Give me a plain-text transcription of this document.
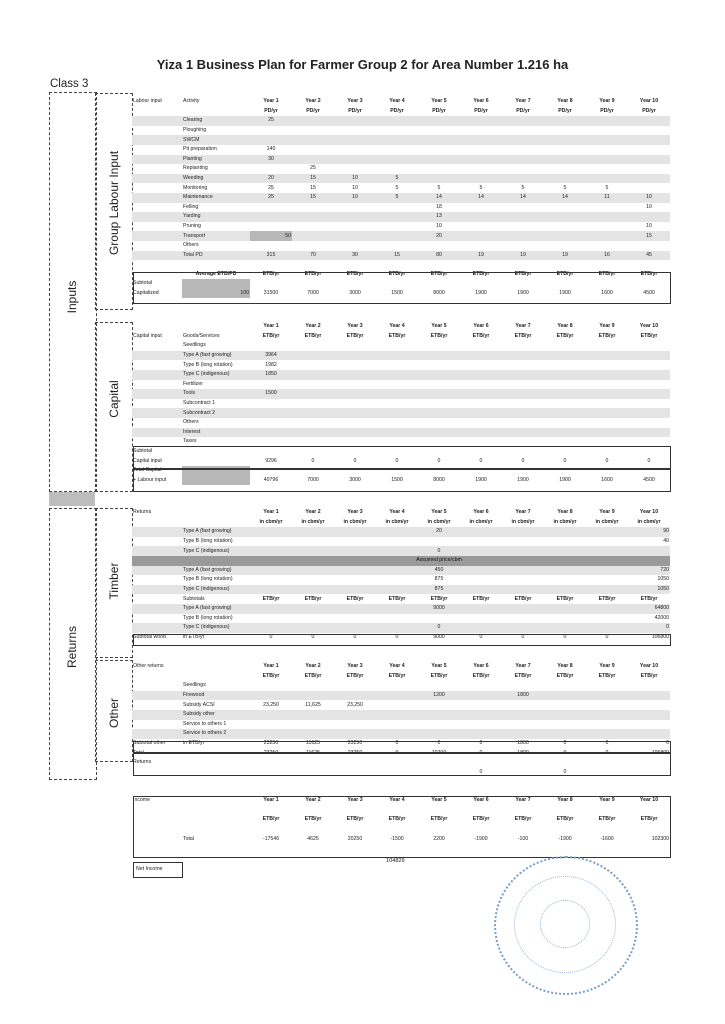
Yiza 1 Business Plan for Farmer Group 2 for Area Number 1.216 ha
Class 3
Inputs
Returns
Group Labour Input
Capital
Timber
Other
Labour input	Activity	Year 1	Year 2	Year 3	Year 4	Year 5	Year 6	Year 7	Year 8	Year 9	Year 10
		PD/yr	PD/yr	PD/yr	PD/yr	PD/yr	PD/yr	PD/yr	PD/yr	PD/yr	PD/yr
	Clearing	25									
	Ploughing										
	SWCM										
	Pit preparation	140									
	Planting	30									
	Replanting		25								
	Weeding	20	15	10	5						
	Monitoring	25	15	10	5	5	5	5	5	5	
	Maintenance	25	15	10	5	14	14	14	14	11	10
	Felling					18					10
	Yarding					13					
	Pruning					10					10
	Transport	50				20					15
	Others										
	Total PD	315	70	30	15	80	19	19	19	16	45

	Average ETB/PD	ETB/yr	ETB/yr	ETB/yr	ETB/yr	ETB/yr	ETB/yr	ETB/yr	ETB/yr	ETB/yr	ETB/yr
Subtotal											
Capitalized	100	31500	7000	3000	1500	8000	1900	1900	1900	1600	4500
		Year 1	Year 2	Year 3	Year 4	Year 5	Year 6	Year 7	Year 8	Year 9	Year 10
Capital input	Goods/Services	ETB/yr	ETB/yr	ETB/yr	ETB/yr	ETB/yr	ETB/yr	ETB/yr	ETB/yr	ETB/yr	ETB/yr
	Seedlings										
	Type A (fast growing)	3964									
	Type B (long rotation)	1982									
	Type C (indigenous)	1850									
	Fertilizer										
	Tools	1500									
	Subcontract 1										
	Subcontract 2										
	Others										
	Interest										
	Taxes										
Subtotal											
Capital input		9296	0	0	0	0	0	0	0	0	0
Total Capital											
+ Labour input		40796	7000	3000	1500	8000	1900	1900	1900	1600	4500
Returns		Year 1	Year 2	Year 3	Year 4	Year 5	Year 6	Year 7	Year 8	Year 9	Year 10
		in cbm/yr	in cbm/yr	in cbm/yr	in cbm/yr	in cbm/yr	in cbm/yr	in cbm/yr	in cbm/yr	in cbm/yr	in cbm/yr
	Type A (fast growing)					20					90
	Type B (long rotation)										40
	Type C (indigenous)					0					
					Assumed price/cbm						
	Type A (fast growing)					450					720
	Type B (long rotation)					875					1050
	Type C (indigenous)					875					1050
	Subtotals	ETB/yr	ETB/yr	ETB/yr	ETB/yr	ETB/yr	ETB/yr	ETB/yr	ETB/yr	ETB/yr	ETB/yr
	Type A (fast growing)					9000					64800
	Type B (long rotation)										42000
	Type C (indigenous)					0					0
Subtotal wood	in ETB/yr	0	0	0	0	9000	0	0	0	0	106800
Other returns		Year 1	Year 2	Year 3	Year 4	Year 5	Year 6	Year 7	Year 8	Year 9	Year 10
		ETB/yr	ETB/yr	ETB/yr	ETB/yr	ETB/yr	ETB/yr	ETB/yr	ETB/yr	ETB/yr	ETB/yr
	Seedlings										
	Firewood					1200		1800			
	Subsidy ACSI	23,250	11,625	23,250							
	Subsidy other										
	Service to others 1										
	Service to others 2										
Subtotal other	in ETB/yr	23250	11625	23250	0	0	0	1800	0	0	0
Total		23250	11625	23250	0	10200	0	1800	0	0	106800
Returns											
							0		0		
Income		Year 1	Year 2	Year 3	Year 4	Year 5	Year 6	Year 7	Year 8	Year 9	Year 10

		ETB/yr	ETB/yr	ETB/yr	ETB/yr	ETB/yr	ETB/yr	ETB/yr	ETB/yr	ETB/yr	ETB/yr

	Total	-17546	4625	20250	-1500	2200	-1900	-100	-1900	-1600	102300
Net Income
104829
